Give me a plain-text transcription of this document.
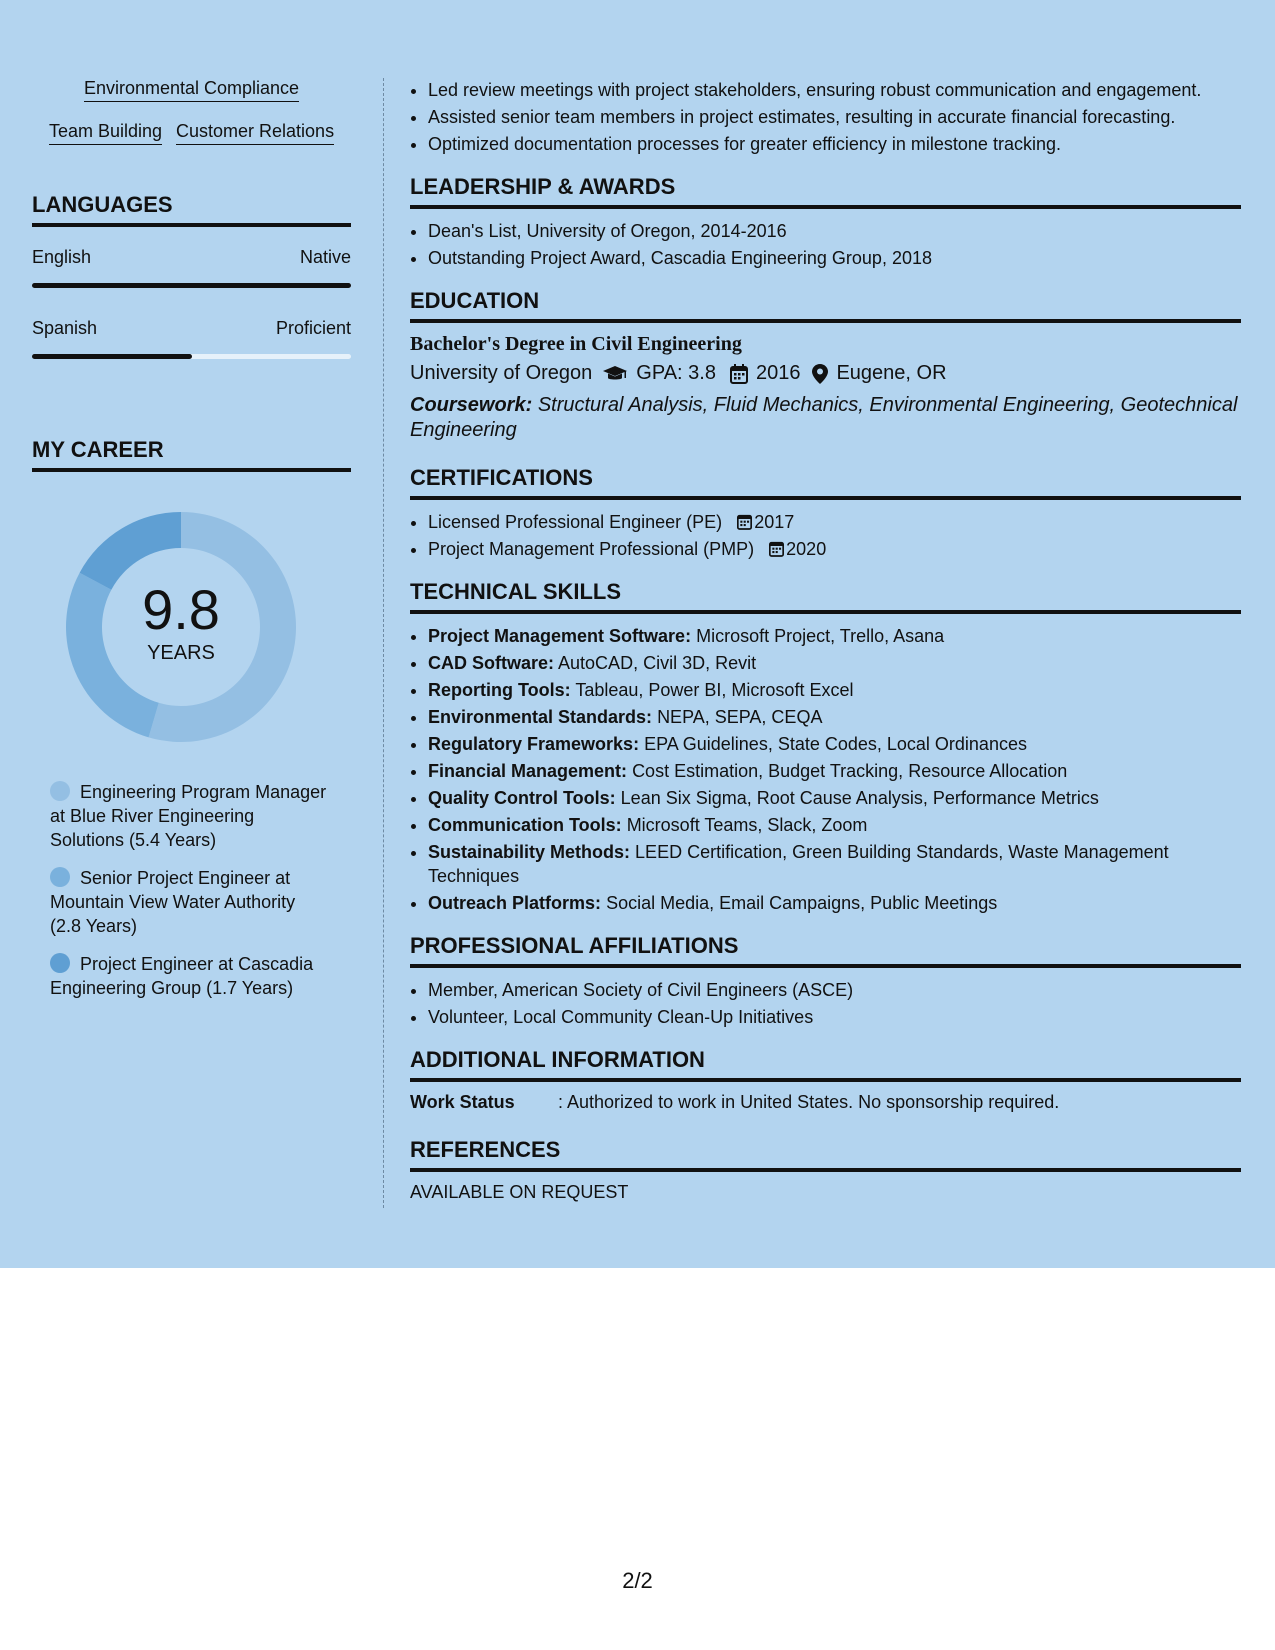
Environmental Compliance
Team Building Customer Relations
LANGUAGES
English	Native
Spanish	Proficient
MY CAREER
9.8
YEARS
Engineering Program Manager at Blue River Engineering Solutions (5.4 Years)
Senior Project Engineer at Mountain View Water Authority (2.8 Years)
Project Engineer at Cascadia Engineering Group (1.7 Years)
• Led review meetings with project stakeholders, ensuring robust communication and engagement.
• Assisted senior team members in project estimates, resulting in accurate financial forecasting.
• Optimized documentation processes for greater efficiency in milestone tracking.
LEADERSHIP & AWARDS
• Dean's List, University of Oregon, 2014-2016
• Outstanding Project Award, Cascadia Engineering Group, 2018
EDUCATION
Bachelor's Degree in Civil Engineering
University of Oregon GPA: 3.8 2016 Eugene, OR
Coursework: Structural Analysis, Fluid Mechanics, Environmental Engineering, Geotechnical Engineering
CERTIFICATIONS
• Licensed Professional Engineer (PE) 2017
• Project Management Professional (PMP) 2020
TECHNICAL SKILLS
• Project Management Software: Microsoft Project, Trello, Asana
• CAD Software: AutoCAD, Civil 3D, Revit
• Reporting Tools: Tableau, Power BI, Microsoft Excel
• Environmental Standards: NEPA, SEPA, CEQA
• Regulatory Frameworks: EPA Guidelines, State Codes, Local Ordinances
• Financial Management: Cost Estimation, Budget Tracking, Resource Allocation
• Quality Control Tools: Lean Six Sigma, Root Cause Analysis, Performance Metrics
• Communication Tools: Microsoft Teams, Slack, Zoom
• Sustainability Methods: LEED Certification, Green Building Standards, Waste Management Techniques
• Outreach Platforms: Social Media, Email Campaigns, Public Meetings
PROFESSIONAL AFFILIATIONS
• Member, American Society of Civil Engineers (ASCE)
• Volunteer, Local Community Clean-Up Initiatives
ADDITIONAL INFORMATION
Work Status	: Authorized to work in United States. No sponsorship required.
REFERENCES
AVAILABLE ON REQUEST
2/2
